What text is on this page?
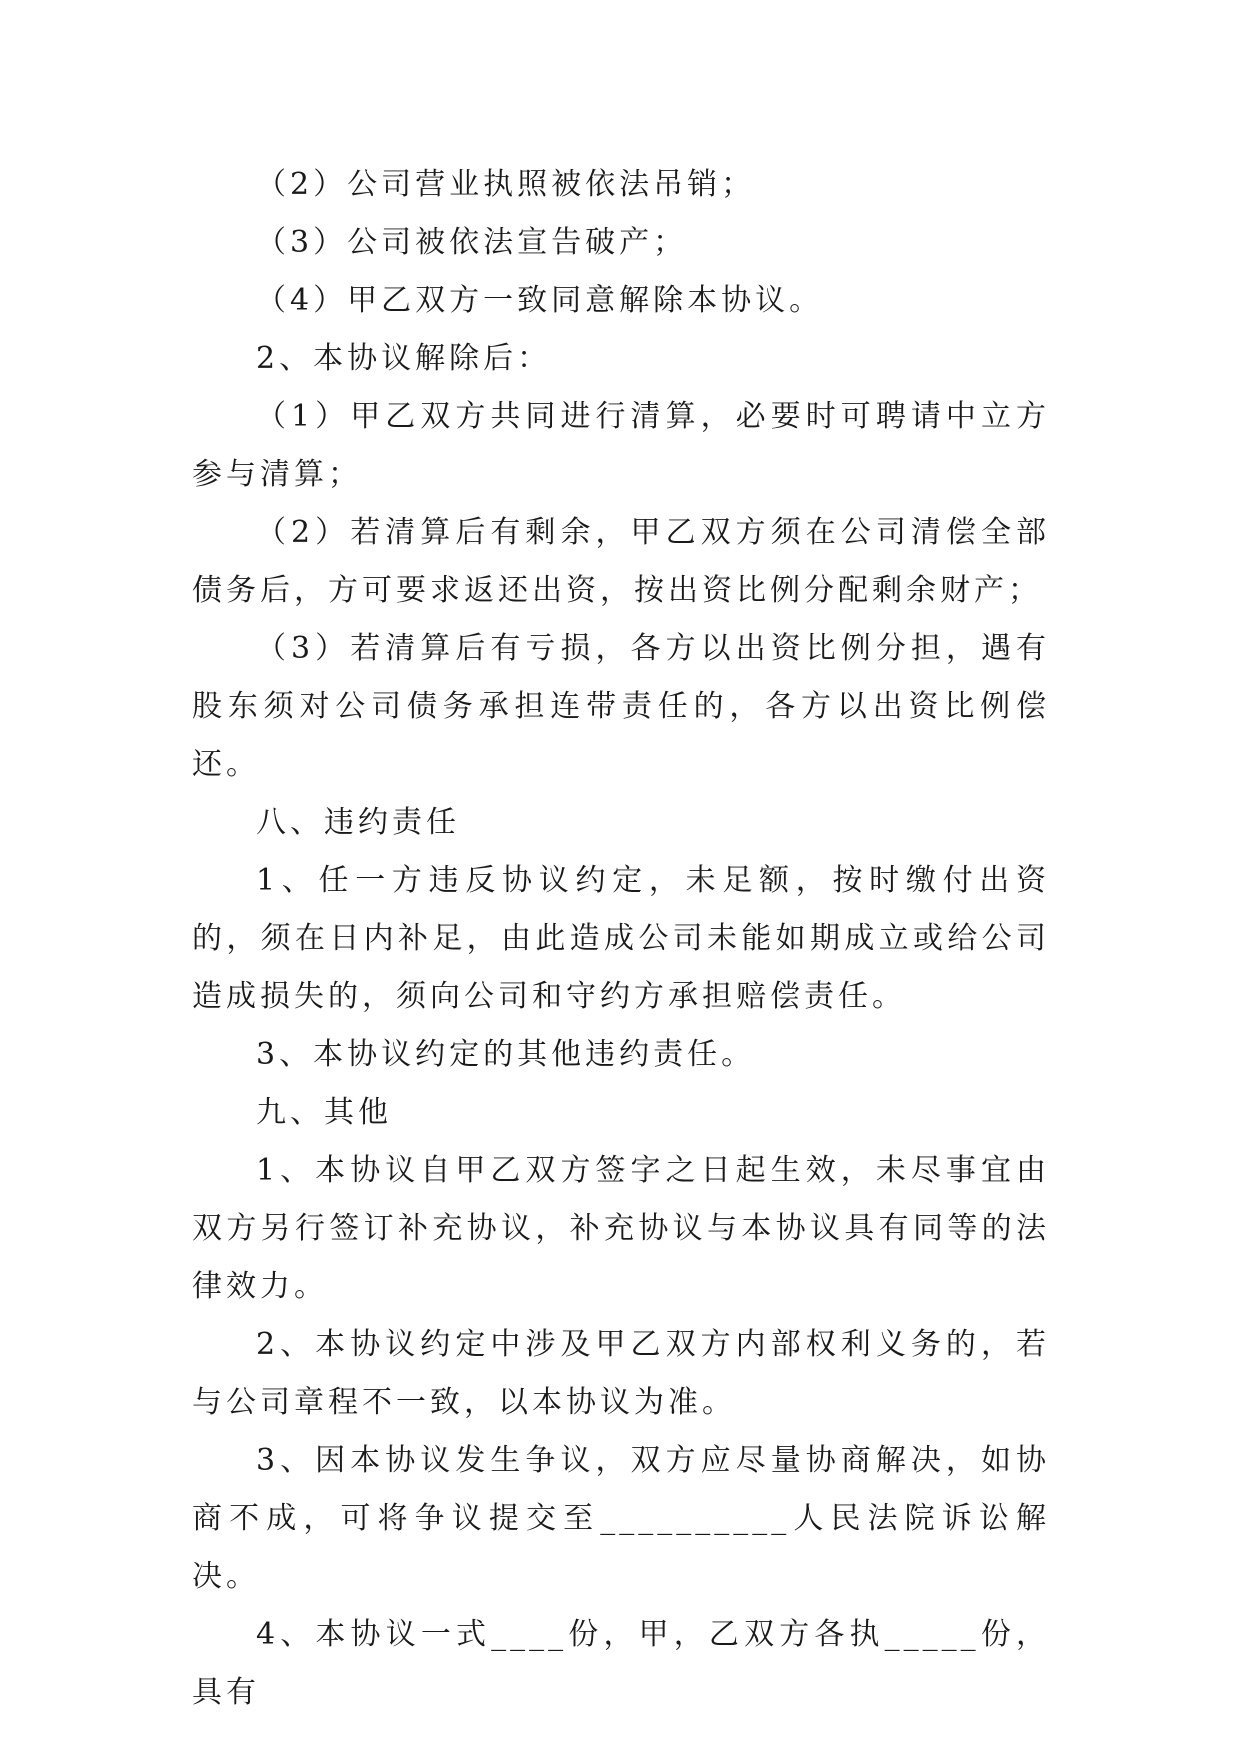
（2）公司营业执照被依法吊销；

（3）公司被依法宣告破产；

（4）甲乙双方一致同意解除本协议。

2、本协议解除后：

（1）甲乙双方共同进行清算，必要时可聘请中立方参与清算；

（2）若清算后有剩余，甲乙双方须在公司清偿全部债务后，方可要求返还出资，按出资比例分配剩余财产；

（3）若清算后有亏损，各方以出资比例分担，遇有股东须对公司债务承担连带责任的，各方以出资比例偿还。

八、违约责任

1、任一方违反协议约定，未足额，按时缴付出资的，须在日内补足，由此造成公司未能如期成立或给公司造成损失的，须向公司和守约方承担赔偿责任。

3、本协议约定的其他违约责任。

九、其他

1、本协议自甲乙双方签字之日起生效，未尽事宜由双方另行签订补充协议，补充协议与本协议具有同等的法律效力。

2、本协议约定中涉及甲乙双方内部权利义务的，若与公司章程不一致，以本协议为准。

3、因本协议发生争议，双方应尽量协商解决，如协商不成，可将争议提交至__________人民法院诉讼解决。

4、本协议一式____份，甲，乙双方各执_____份，具有
